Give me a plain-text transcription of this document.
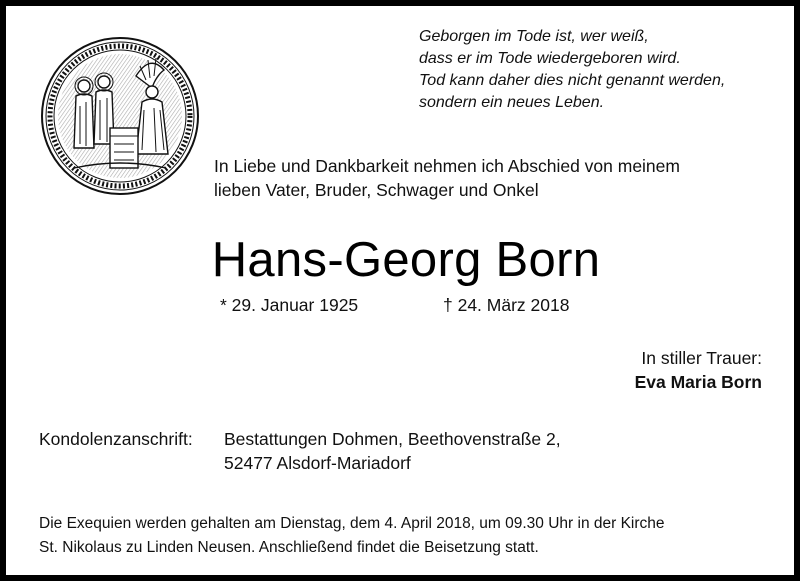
Geborgen im Tode ist, wer weiß,
dass er im Tode wiedergeboren wird.
Tod kann daher dies nicht genannt werden,
sondern ein neues Leben.
In Liebe und Dankbarkeit nehmen ich Abschied von meinem
lieben Vater, Bruder, Schwager und Onkel
Hans-Georg Born
* 29. Januar 1925	† 24. März 2018
In stiller Trauer:
Eva Maria Born
Kondolenzanschrift: Bestattungen Dohmen, Beethovenstraße 2,
52477 Alsdorf-Mariadorf
Die Exequien werden gehalten am Dienstag, dem 4. April 2018, um 09.30 Uhr in der Kirche
St. Nikolaus zu Linden Neusen. Anschließend findet die Beisetzung statt.
